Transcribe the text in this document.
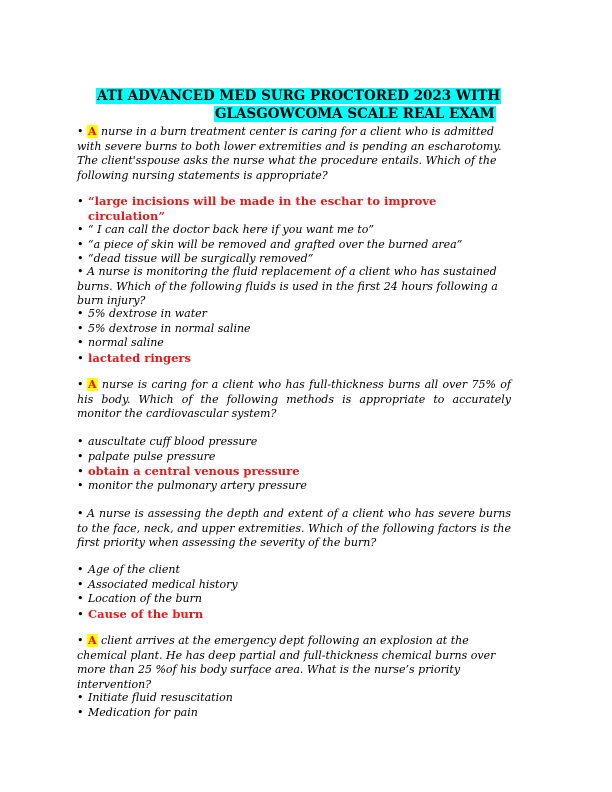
ATI ADVANCED MED SURG PROCTORED 2023 WITH
GLASGOWCOMA SCALE REAL EXAM
• A nurse in a burn treatment center is caring for a client who is admitted with severe burns to both lower extremities and is pending an escharotomy. The client'sspouse asks the nurse what the procedure entails. Which of the following nursing statements is appropriate?
• “large incisions will be made in the eschar to improve circulation”
• “ I can call the doctor back here if you want me to”
• “a piece of skin will be removed and grafted over the burned area”
• “dead tissue will be surgically removed”
• A nurse is monitoring the fluid replacement of a client who has sustained burns. Which of the following fluids is used in the first 24 hours following a burn injury?
• 5% dextrose in water
• 5% dextrose in normal saline
• normal saline
• lactated ringers
• A nurse is caring for a client who has full-thickness burns all over 75% of his body. Which of the following methods is appropriate to accurately monitor the cardiovascular system?
• auscultate cuff blood pressure
• palpate pulse pressure
• obtain a central venous pressure
• monitor the pulmonary artery pressure
• A nurse is assessing the depth and extent of a client who has severe burns to the face, neck, and upper extremities. Which of the following factors is the first priority when assessing the severity of the burn?
• Age of the client
• Associated medical history
• Location of the burn
• Cause of the burn
• A client arrives at the emergency dept following an explosion at the chemical plant. He has deep partial and full-thickness chemical burns over more than 25 %of his body surface area. What is the nurse’s priority intervention?
• Initiate fluid resuscitation
• Medication for pain
